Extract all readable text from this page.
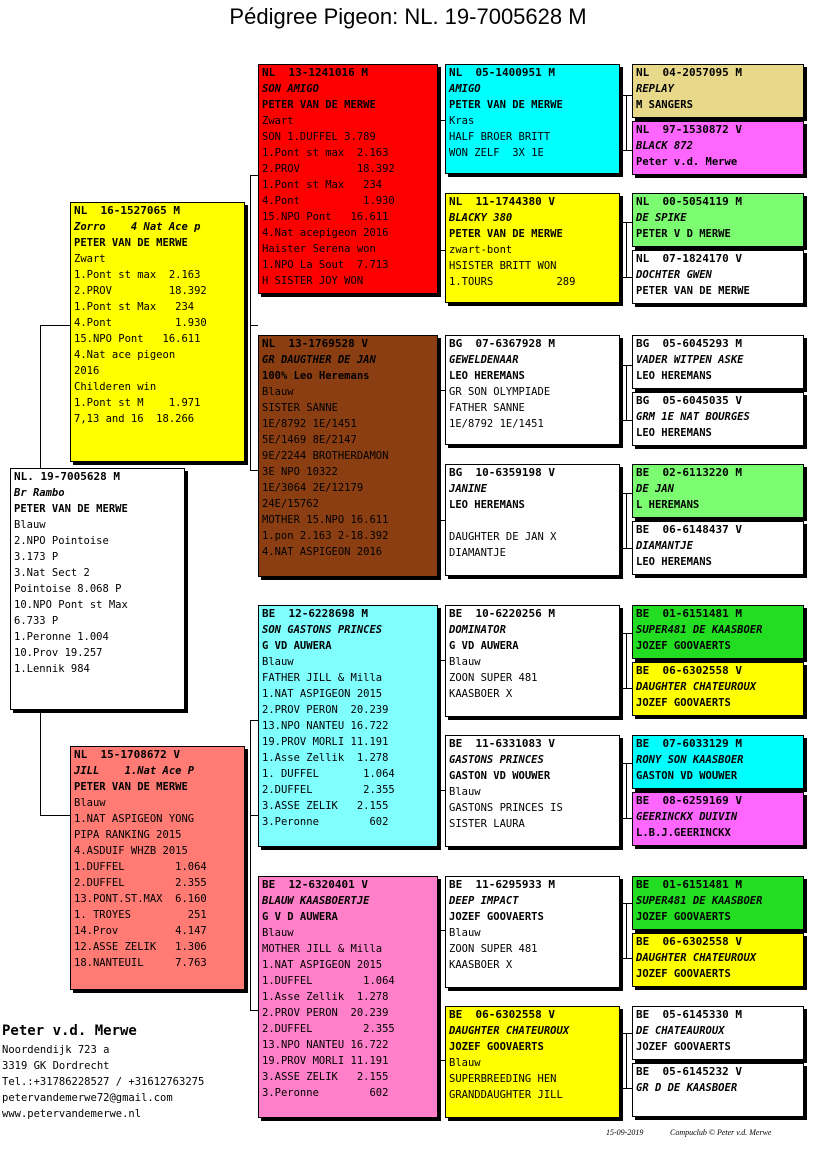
Pédigree Pigeon: NL. 19-7005628 M
NL. 19-7005628 M
Br Rambo
PETER VAN DE MERWE
Blauw
2.NPO Pointoise
3.173 P
3.Nat Sect 2
Pointoise 8.068 P
10.NPO Pont st Max
6.733 P
1.Peronne 1.004
10.Prov 19.257
1.Lennik 984
NL  16-1527065 M
Zorro    4 Nat Ace p
PETER VAN DE MERWE
Zwart
1.Pont st max  2.163
2.PROV         18.392
1.Pont st Max   234
4.Pont          1.930
15.NPO Pont   16.611
4.Nat ace pigeon
2016
Childeren win
1.Pont st M    1.971
7,13 and 16  18.266
NL  15-1708672 V
JILL    1.Nat Ace P
PETER VAN DE MERWE
Blauw
1.NAT ASPIGEON YONG
PIPA RANKING 2015
4.ASDUIF WHZB 2015
1.DUFFEL        1.064
2.DUFFEL        2.355
13.PONT.ST.MAX  6.160
1. TROYES         251
14.Prov         4.147
12.ASSE ZELIK   1.306
18.NANTEUIL     7.763
NL  13-1241016 M
SON AMIGO
PETER VAN DE MERWE
Zwart
SON 1.DUFFEL 3.789
1.Pont st max  2.163
2.PROV         18.392
1.Pont st Max   234
4.Pont          1.930
15.NPO Pont   16.611
4.Nat acepigeon 2016
Haister Serena won
1.NPO La Sout  7.713
H SISTER JOY WON
NL  13-1769528 V
GR DAUGTHER DE JAN
100% Leo Heremans
Blauw
SISTER SANNE
1E/8792 1E/1451
5E/1469 8E/2147
9E/2244 BROTHERDAMON
3E NPO 10322
1E/3064 2E/12179
24E/15762
MOTHER 15.NPO 16.611
1.pon 2.163 2-18.392
4.NAT ASPIGEON 2016
BE  12-6228698 M
SON GASTONS PRINCES
G VD AUWERA
Blauw
FATHER JILL & Milla
1.NAT ASPIGEON 2015
2.PROV PERON  20.239
13.NPO NANTEU 16.722
19.PROV MORLI 11.191
1.Asse Zellik  1.278
1. DUFFEL       1.064
2.DUFFEL        2.355
3.ASSE ZELIK   2.155
3.Peronne        602
BE  12-6320401 V
BLAUW KAASBOERTJE
G V D AUWERA
Blauw
MOTHER JILL & Milla
1.NAT ASPIGEON 2015
1.DUFFEL        1.064
1.Asse Zellik  1.278
2.PROV PERON  20.239
2.DUFFEL        2.355
13.NPO NANTEU 16.722
19.PROV MORLI 11.191
3.ASSE ZELIK   2.155
3.Peronne        602
NL  05-1400951 M
AMIGO
PETER VAN DE MERWE
Kras
HALF BROER BRITT
WON ZELF  3X 1E
NL  11-1744380 V
BLACKY 380
PETER VAN DE MERWE
zwart-bont
HSISTER BRITT WON
1.TOURS          289
BG  07-6367928 M
GEWELDENAAR
LEO HEREMANS
GR SON OLYMPIADE
FATHER SANNE
1E/8792 1E/1451
BG  10-6359198 V
JANINE
LEO HEREMANS

DAUGHTER DE JAN X
DIAMANTJE
BE  10-6220256 M
DOMINATOR
G VD AUWERA
Blauw
ZOON SUPER 481
KAASBOER X
BE  11-6331083 V
GASTONS PRINCES
GASTON VD WOUWER
Blauw
GASTONS PRINCES IS
SISTER LAURA
BE  11-6295933 M
DEEP IMPACT
JOZEF GOOVAERTS
Blauw
ZOON SUPER 481
KAASBOER X
BE  06-6302558 V
DAUGHTER CHATEUROUX
JOZEF GOOVAERTS
Blauw
SUPERBREEDING HEN
GRANDDAUGHTER JILL
NL  04-2057095 M
REPLAY
M SANGERS
NL  97-1530872 V
BLACK 872
Peter v.d. Merwe
NL  00-5054119 M
DE SPIKE
PETER V D MERWE
NL  07-1824170 V
DOCHTER GWEN
PETER VAN DE MERWE
BG  05-6045293 M
VADER WITPEN ASKE
LEO HEREMANS
BG  05-6045035 V
GRM 1E NAT BOURGES
LEO HEREMANS
BE  02-6113220 M
DE JAN
L HEREMANS
BE  06-6148437 V
DIAMANTJE
LEO HEREMANS
BE  01-6151481 M
SUPER481 DE KAASBOER
JOZEF GOOVAERTS
BE  06-6302558 V
DAUGHTER CHATEUROUX
JOZEF GOOVAERTS
BE  07-6033129 M
RONY SON KAASBOER
GASTON VD WOUWER
BE  08-6259169 V
GEERINCKX DUIVIN
L.B.J.GEERINCKX
BE  01-6151481 M
SUPER481 DE KAASBOER
JOZEF GOOVAERTS
BE  06-6302558 V
DAUGHTER CHATEUROUX
JOZEF GOOVAERTS
BE  05-6145330 M
DE CHATEAUROUX
JOZEF GOOVAERTS
BE  05-6145232 V
GR D DE KAASBOER
Peter v.d. Merwe
Noordendijk 723 a
3319 GK Dordrecht
Tel.:+31786228527 / +31612763275
petervandemerwe72@gmail.com
www.petervandemerwe.nl
15-09-2019	Compuclub © Peter v.d. Merwe
